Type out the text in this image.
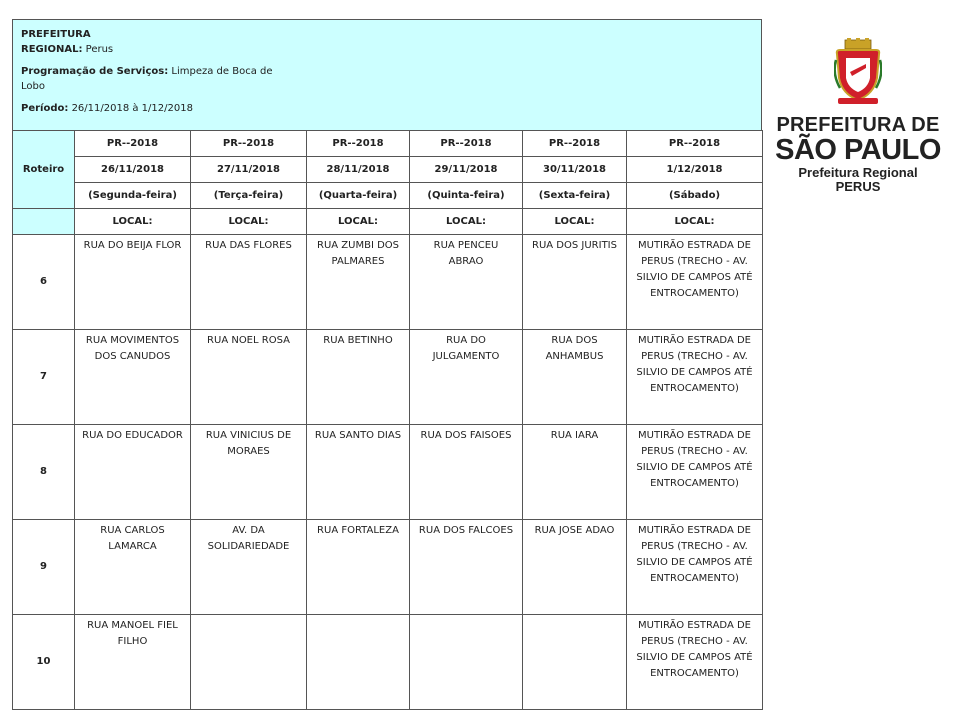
PREFEITURA
REGIONAL: Perus
Programação de Serviços: Limpeza de Boca de Lobo
Período: 26/11/2018 à 1/12/2018
Roteiro	PR--2018	PR--2018	PR--2018	PR--2018	PR--2018	PR--2018
	26/11/2018	27/11/2018	28/11/2018	29/11/2018	30/11/2018	1/12/2018
	(Segunda-feira)	(Terça-feira)	(Quarta-feira)	(Quinta-feira)	(Sexta-feira)	(Sábado)
	LOCAL:	LOCAL:	LOCAL:	LOCAL:	LOCAL:	LOCAL:
6	RUA DO BEIJA FLOR	RUA DAS FLORES	RUA ZUMBI DOS PALMARES	RUA PENCEU ABRAO	RUA DOS JURITIS	MUTIRÃO ESTRADA DE PERUS (TRECHO - AV. SILVIO DE CAMPOS ATÉ ENTROCAMENTO)

7	RUA MOVIMENTOS DOS CANUDOS	RUA NOEL ROSA	RUA BETINHO	RUA DO JULGAMENTO	RUA DOS ANHAMBUS	MUTIRÃO ESTRADA DE PERUS (TRECHO - AV. SILVIO DE CAMPOS ATÉ ENTROCAMENTO)

8	RUA DO EDUCADOR	RUA VINICIUS DE MORAES	RUA SANTO DIAS	RUA DOS FAISOES	RUA IARA	MUTIRÃO ESTRADA DE PERUS (TRECHO - AV. SILVIO DE CAMPOS ATÉ ENTROCAMENTO)

9	RUA CARLOS LAMARCA	AV. DA SOLIDARIEDADE	RUA FORTALEZA	RUA DOS FALCOES	RUA JOSE ADAO	MUTIRÃO ESTRADA DE PERUS (TRECHO - AV. SILVIO DE CAMPOS ATÉ ENTROCAMENTO)

10	RUA MANOEL FIEL FILHO					MUTIRÃO ESTRADA DE PERUS (TRECHO - AV. SILVIO DE CAMPOS ATÉ ENTROCAMENTO)
PREFEITURA DE
SÃO PAULO
Prefeitura Regional
PERUS
